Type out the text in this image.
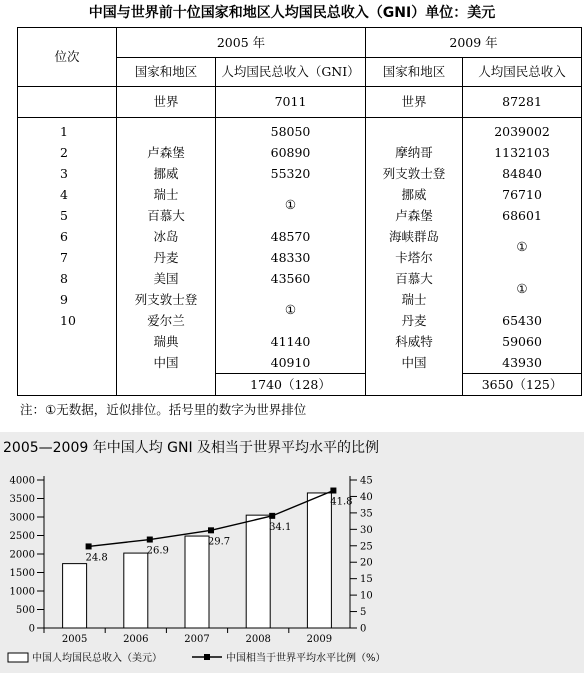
中国与世界前十位国家和地区人均国民总收入（GNI）单位：美元
位次	2005 年		2009 年	
	国家和地区	人均国民总收入（GNI）	国家和地区	人均国民总收入
	世界	7011	世界	87281

1		58050		2039002
2	卢森堡	60890	摩纳哥	1132103
3	挪威	55320	列支敦士登	84840
4	瑞士	①	挪威	76710
5	百慕大		卢森堡	68601
6	冰岛	48570	海峡群岛	①
7	丹麦	48330	卡塔尔	
8	美国	43560	百慕大	①
9	列支敦士登	①	瑞士	
10	爱尔兰		丹麦	65430
	瑞典	41140	科威特	59060
	中国	40910	中国	43930
		1740（128）		3650（125）
注：①无数据，近似排位。括号里的数字为世界排位
2005—2009 年中国人均 GNI 及相当于世界平均水平的比例
0
500
1000
1500
2000
2500
3000
3500
4000
0
5
10
15
20
25
30
35
40
45
2005	2006	2007	2008	2009
24.8
26.9
29.7
34.1
41.8
中国人均国民总收入（美元）	中国相当于世界平均水平比例（%）
